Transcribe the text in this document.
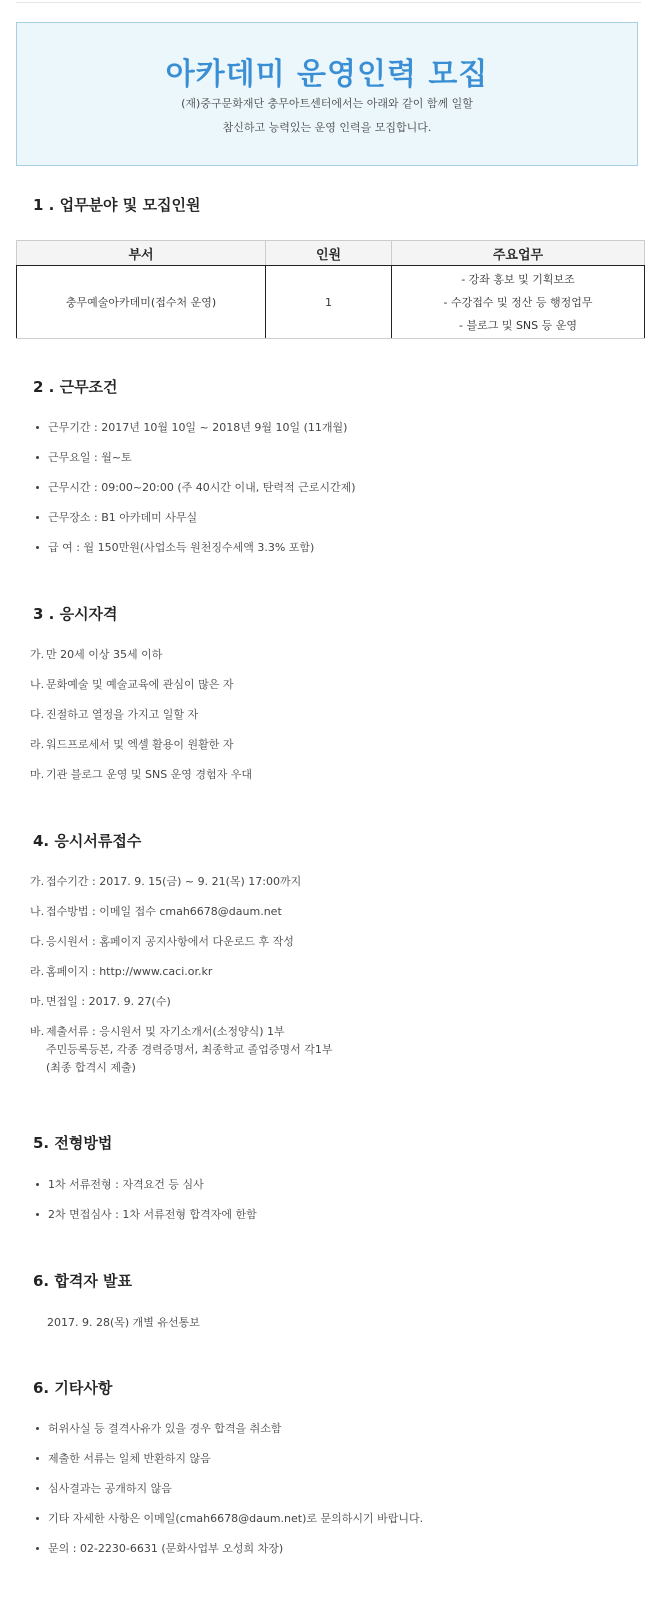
아카데미 운영인력 모집
(재)중구문화재단 충무아트센터에서는 아래와 같이 함께 일할
참신하고 능력있는 운영 인력을 모집합니다.
1 . 업무분야 및 모집인원
부서	인원	주요업무
충무예술아카데미(접수처 운영)	1	- 강좌 홍보 및 기획보조
- 수강접수 및 정산 등 행정업무
- 블로그 및 SNS 등 운영
2 . 근무조건
근무기간 : 2017년 10월 10일 ~ 2018년 9월 10일 (11개월)
근무요일 : 월~토
근무시간 : 09:00~20:00 (주 40시간 이내, 탄력적 근로시간제)
근무장소 : B1 아카데미 사무실
급 여 : 월 150만원(사업소득 원천징수세액 3.3% 포함)
3 . 응시자격
가. 만 20세 이상 35세 이하
나. 문화예술 및 예술교육에 관심이 많은 자
다. 진절하고 열정을 가지고 일할 자
라. 워드프로세서 및 엑셀 활용이 원활한 자
마. 기관 블로그 운영 및 SNS 운영 경험자 우대
4. 응시서류접수
가. 접수기간 : 2017. 9. 15(금) ~ 9. 21(목) 17:00까지
나. 접수방법 : 이메일 접수 cmah6678@daum.net
다. 응시원서 : 홈페이지 공지사항에서 다운로드 후 작성
라. 홈페이지 : http://www.caci.or.kr
마. 면접일 : 2017. 9. 27(수)
바. 제출서류 : 응시원서 및 자기소개서(소정양식) 1부
주민등록등본, 각종 경력증명서, 최종학교 졸업증명서 각1부
(최종 합격시 제출)
5. 전형방법
1차 서류전형 : 자격요건 등 심사
2차 면접심사 : 1차 서류전형 합격자에 한함
6. 합격자 발표

2017. 9. 28(목) 개별 유선통보

6. 기타사항
허위사실 등 결격사유가 있을 경우 합격을 취소함
제출한 서류는 일체 반환하지 않음
심사결과는 공개하지 않음
기타 자세한 사항은 이메일(cmah6678@daum.net)로 문의하시기 바랍니다.
문의 : 02-2230-6631 (문화사업부 오성희 차장)
